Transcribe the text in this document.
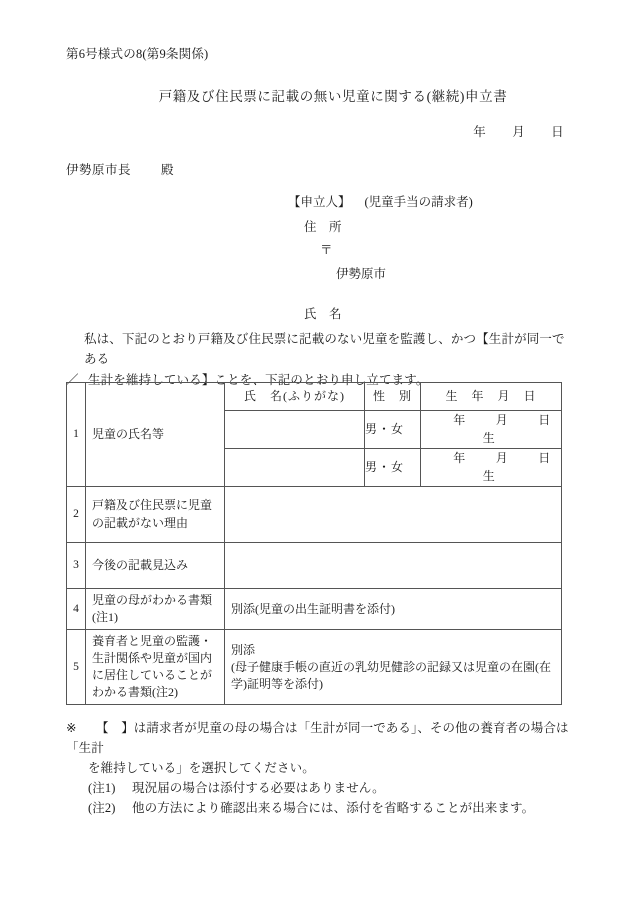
第6号様式の8(第9条関係)
戸籍及び住民票に記載の無い児童に関する(継続)申立書
年 月 日
伊勢原市長 殿
【申立人】 (児童手当の請求者)
住　所
〒
伊勢原市
氏　名
私は、下記のとおり戸籍及び住民票に記載のない児童を監護し、かつ【生計が同一である
／ 生計を維持している】ことを、下記のとおり申し立てます。
1	児童の氏名等	氏　名(ふりがな)	性　別	生　年　月　日
			男・女	年 月 日生
			男・女	年 月 日生
2	戸籍及び住民票に児童の記載がない理由			
3	今後の記載見込み			
4	児童の母がわかる書類(注1)	別添(児童の出生証明書を添付)		
5	養育者と児童の監護・生計関係や児童が国内に居住していることがわかる書類(注2)	別添
(母子健康手帳の直近の乳幼児健診の記録又は児童の在園(在
学)証明等を添付)		
※ 【　】は請求者が児童の母の場合は「生計が同一である」、その他の養育者の場合は「生計
を維持している」を選択してください。
(注1) 現況届の場合は添付する必要はありません。
(注2) 他の方法により確認出来る場合には、添付を省略することが出来ます。
